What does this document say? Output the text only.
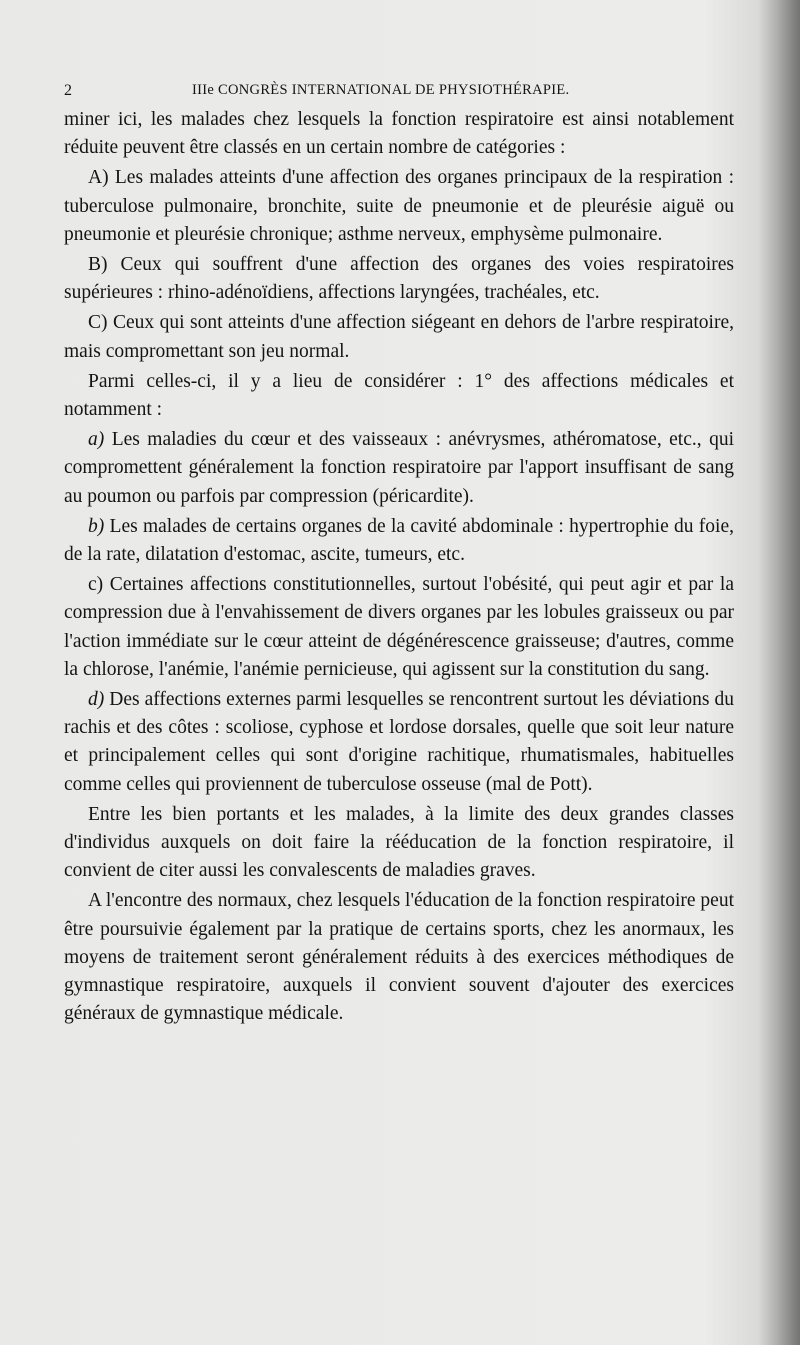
2	IIIe CONGRÈS INTERNATIONAL DE PHYSIOTHÉRAPIE.

miner ici, les malades chez lesquels la fonction respiratoire est ainsi notablement réduite peuvent être classés en un certain nombre de catégories :

A) Les malades atteints d'une affection des organes principaux de la respiration : tuberculose pulmonaire, bronchite, suite de pneumonie et de pleurésie aiguë ou pneumonie et pleurésie chronique; asthme nerveux, emphysème pulmonaire.

B) Ceux qui souffrent d'une affection des organes des voies respiratoires supérieures : rhino-adénoïdiens, affections laryngées, trachéales, etc.

C) Ceux qui sont atteints d'une affection siégeant en dehors de l'arbre respiratoire, mais compromettant son jeu normal.

Parmi celles-ci, il y a lieu de considérer : 1° des affections médicales et notamment :

a) Les maladies du cœur et des vaisseaux : anévrysmes, athéromatose, etc., qui compromettent généralement la fonction respiratoire par l'apport insuffisant de sang au poumon ou parfois par compression (péricardite).

b) Les malades de certains organes de la cavité abdominale : hypertrophie du foie, de la rate, dilatation d'estomac, ascite, tumeurs, etc.

c) Certaines affections constitutionnelles, surtout l'obésité, qui peut agir et par la compression due à l'envahissement de divers organes par les lobules graisseux ou par l'action immédiate sur le cœur atteint de dégénérescence graisseuse; d'autres, comme la chlorose, l'anémie, l'anémie pernicieuse, qui agissent sur la constitution du sang.

d) Des affections externes parmi lesquelles se rencontrent surtout les déviations du rachis et des côtes : scoliose, cyphose et lordose dorsales, quelle que soit leur nature et principalement celles qui sont d'origine rachitique, rhumatismales, habituelles comme celles qui proviennent de tuberculose osseuse (mal de Pott).

Entre les bien portants et les malades, à la limite des deux grandes classes d'individus auxquels on doit faire la rééducation de la fonction respiratoire, il convient de citer aussi les convalescents de maladies graves.

A l'encontre des normaux, chez lesquels l'éducation de la fonction respiratoire peut être poursuivie également par la pratique de certains sports, chez les anormaux, les moyens de traitement seront généralement réduits à des exercices méthodiques de gymnastique respiratoire, auxquels il convient souvent d'ajouter des exercices généraux de gymnastique médicale.
